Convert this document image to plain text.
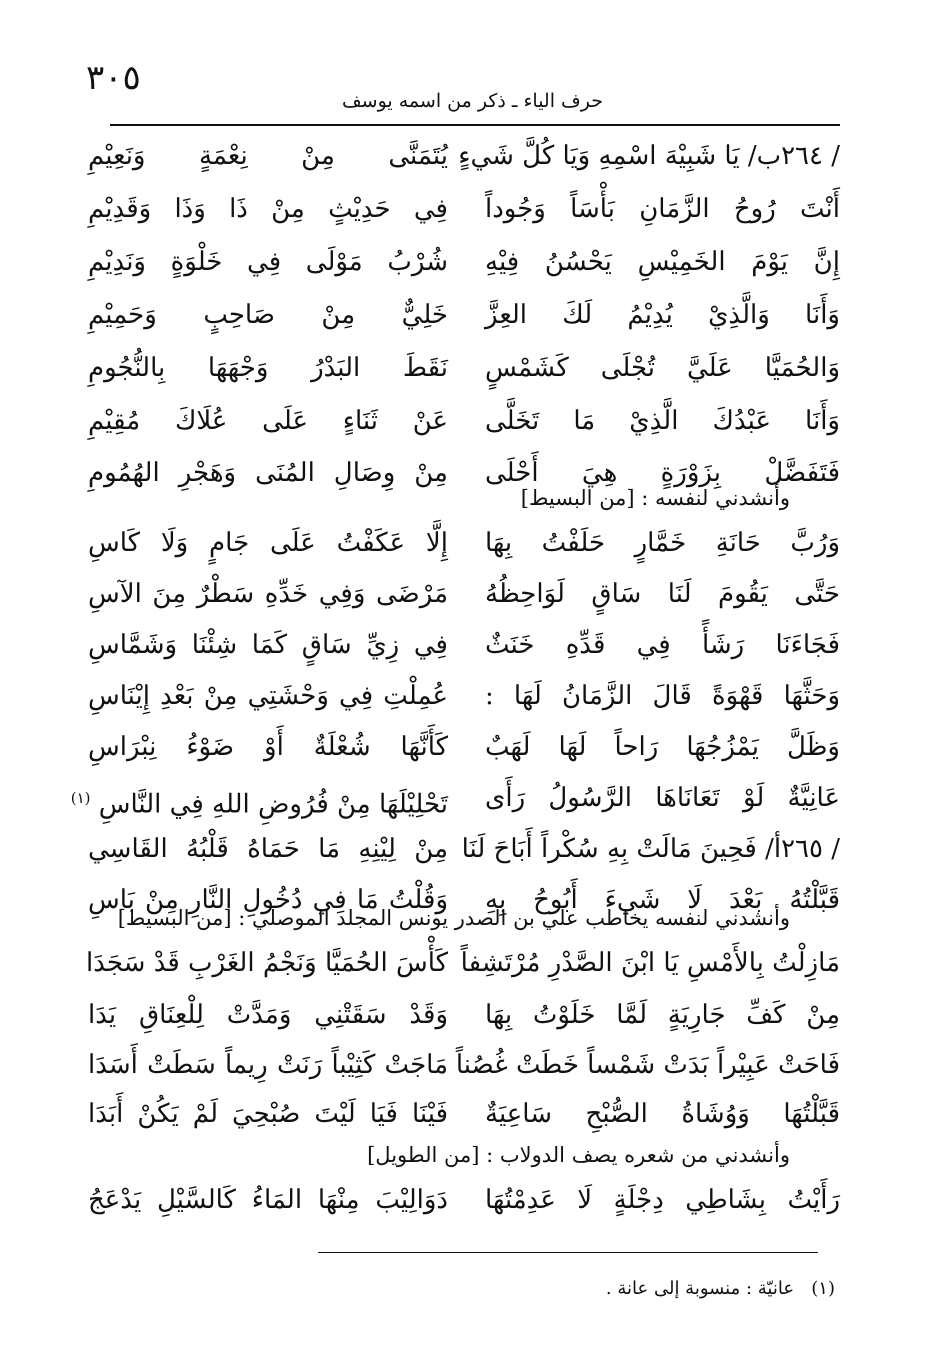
٣٠٥
حرف الياء ـ ذكر من اسمه يوسف
/ ٢٦٤ب/ يَا شَبِيْهَ اسْمِهِ وَيَا كُلَّ شَيءٍ
يُتَمَنَّى مِنْ نِعْمَةٍ وَنَعِيْمِ
أَنْتَ رُوحُ الزَّمَانِ بَأْسَاً وَجُوداً
فِي حَدِيْثٍ مِنْ ذَا وَذَا وَقَدِيْمِ
إِنَّ يَوْمَ الخَمِيْسِ يَحْسُنُ فِيْهِ
شُرْبُ مَوْلَى فِي خَلْوَةٍ وَنَدِيْمِ
وَأَنَا وَالَّذِيْ يُدِيْمُ لَكَ العِزَّ
خَلِيٌّ مِنْ صَاحِبٍ وَحَمِيْمِ
وَالحُمَيَّا عَلَيَّ تُجْلَى كَشَمْسٍ
نَقَطَ البَدْرُ وَجْهَهَا بِالنُّجُومِ
وَأَنَا عَبْدُكَ الَّذِيْ مَا تَخَلَّى
عَنْ ثَنَاءٍ عَلَى عُلَاكَ مُقِيْمِ
فَتَفَضَّلْ بِزَوْرَةٍ هِيَ أَحْلَى
مِنْ وِصَالِ المُنَى وَهَجْرِ الهُمُومِ
وأنشدني لنفسه : [من البسيط]
وَرُبَّ حَانَةِ خَمَّارٍ حَلَفْتُ بِهَا
إِلَّا عَكَفْتُ عَلَى جَامٍ وَلَا كَاسِ
حَتَّى يَقُومَ لَنَا سَاقٍ لَوَاحِظُهُ
مَرْضَى وَفِي خَدِّهِ سَطْرٌ مِنَ الآسِ
فَجَاءَنَا رَشَأً فِي قَدِّهِ خَنَثٌ
فِي زِيِّ سَاقٍ كَمَا شِئْنَا وَشَمَّاسِ
وَحَثَّهَا قَهْوَةً قَالَ الزَّمَانُ لَهَا :
عُمِلْتِ فِي وَحْشَتِي مِنْ بَعْدِ إِيْنَاسِ
وَظَلَّ يَمْزُجُهَا رَاحاً لَهَا لَهَبٌ
كَأَنَّهَا شُعْلَةٌ أَوْ ضَوْءُ نِبْرَاسِ
عَانِيَّةٌ لَوْ تَعَانَاهَا الرَّسُولُ رَأَى
تَحْلِيْلَهَا مِنْ فُرُوضِ اللهِ فِي النَّاسِ $^{(١)}$
/ ٢٦٥أ/ فَحِينَ مَالَتْ بِهِ سُكْراً أَبَاحَ لَنَا
مِنْ لِيْنِهِ مَا حَمَاهُ قَلْبُهُ القَاسِي
قَبَّلْتُهُ بَعْدَ لَا شَيءَ أَبُوحُ بِهِ
وَقُلْتُ مَا فِي دُخُولِ النَّارِ مِنْ بَاسِ
وأنشدني لنفسه يخاطب علي بن الصدر يونس المجلد الموصلي : [من البسيط]
مَازِلْتُ بِالأَمْسِ يَا ابْنَ الصَّدْرِ مُرْتَشِفاً
كَأْسَ الحُمَيَّا وَنَجْمُ الغَرْبِ قَدْ سَجَدَا
مِنْ كَفِّ جَارِيَةٍ لَمَّا خَلَوْتُ بِهَا
وَقَدْ سَقَتْنِي وَمَدَّتْ لِلْعِنَاقِ يَدَا
فَاحَتْ عَبِيْراً بَدَتْ شَمْساً خَطَتْ غُصُناً
مَاجَتْ كَثِيْباً رَنَتْ رِيماً سَطَتْ أَسَدَا
قَبَّلْتُهَا وَوُشَاةُ الصُّبْحِ سَاعِيَةٌ
فَيْنَا فَيَا لَيْتَ صُبْحِيَ لَمْ يَكُنْ أَبَدَا
وأنشدني من شعره يصف الدولاب : [من الطويل]
رَأَيْتُ بِشَاطِي دِجْلَةٍ لَا عَدِمْتُهَا
دَوَالِيْبَ مِنْهَا المَاءُ كَالسَّيْلِ يَدْعَجُ
(١)   عانيّة : منسوبة إلى عانة .
